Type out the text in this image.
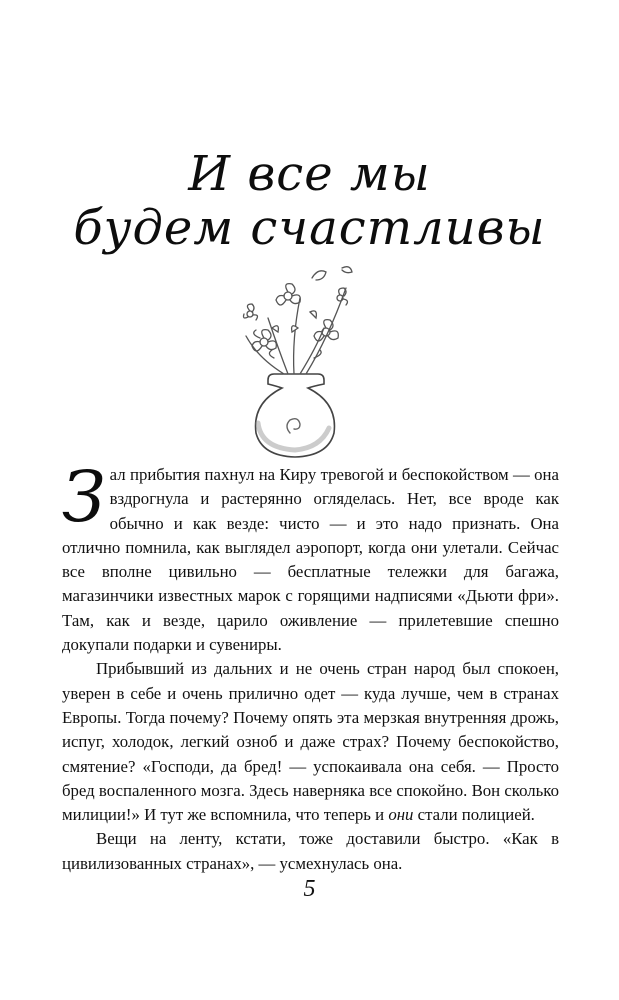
И все мы
будем счастливы

Зал прибытия пахнул на Киру тревогой и беспокойством — она вздрогнула и растерянно огляделась. Нет, все вроде как обычно и как везде: чисто — и это надо признать. Она отлично помнила, как выглядел аэропорт, когда они улетали. Сейчас все вполне цивильно — бесплатные тележки для багажа, магазинчики известных марок с горящими надписями «Дьюти фри». Там, как и везде, царило оживление — прилетевшие спешно докупали подарки и сувениры.

Прибывший из дальних и не очень стран народ был спокоен, уверен в себе и очень прилично одет — куда лучше, чем в странах Европы. Тогда почему? Почему опять эта мерзкая внутренняя дрожь, испуг, холодок, легкий озноб и даже страх? Почему беспокойство, смятение? «Господи, да бред! — успокаивала она себя. — Просто бред воспаленного мозга. Здесь наверняка все спокойно. Вон сколько милиции!» И тут же вспомнила, что теперь и они стали полицией.

Вещи на ленту, кстати, тоже доставили быстро. «Как в цивилизованных странах», — усмехнулась она.

5
